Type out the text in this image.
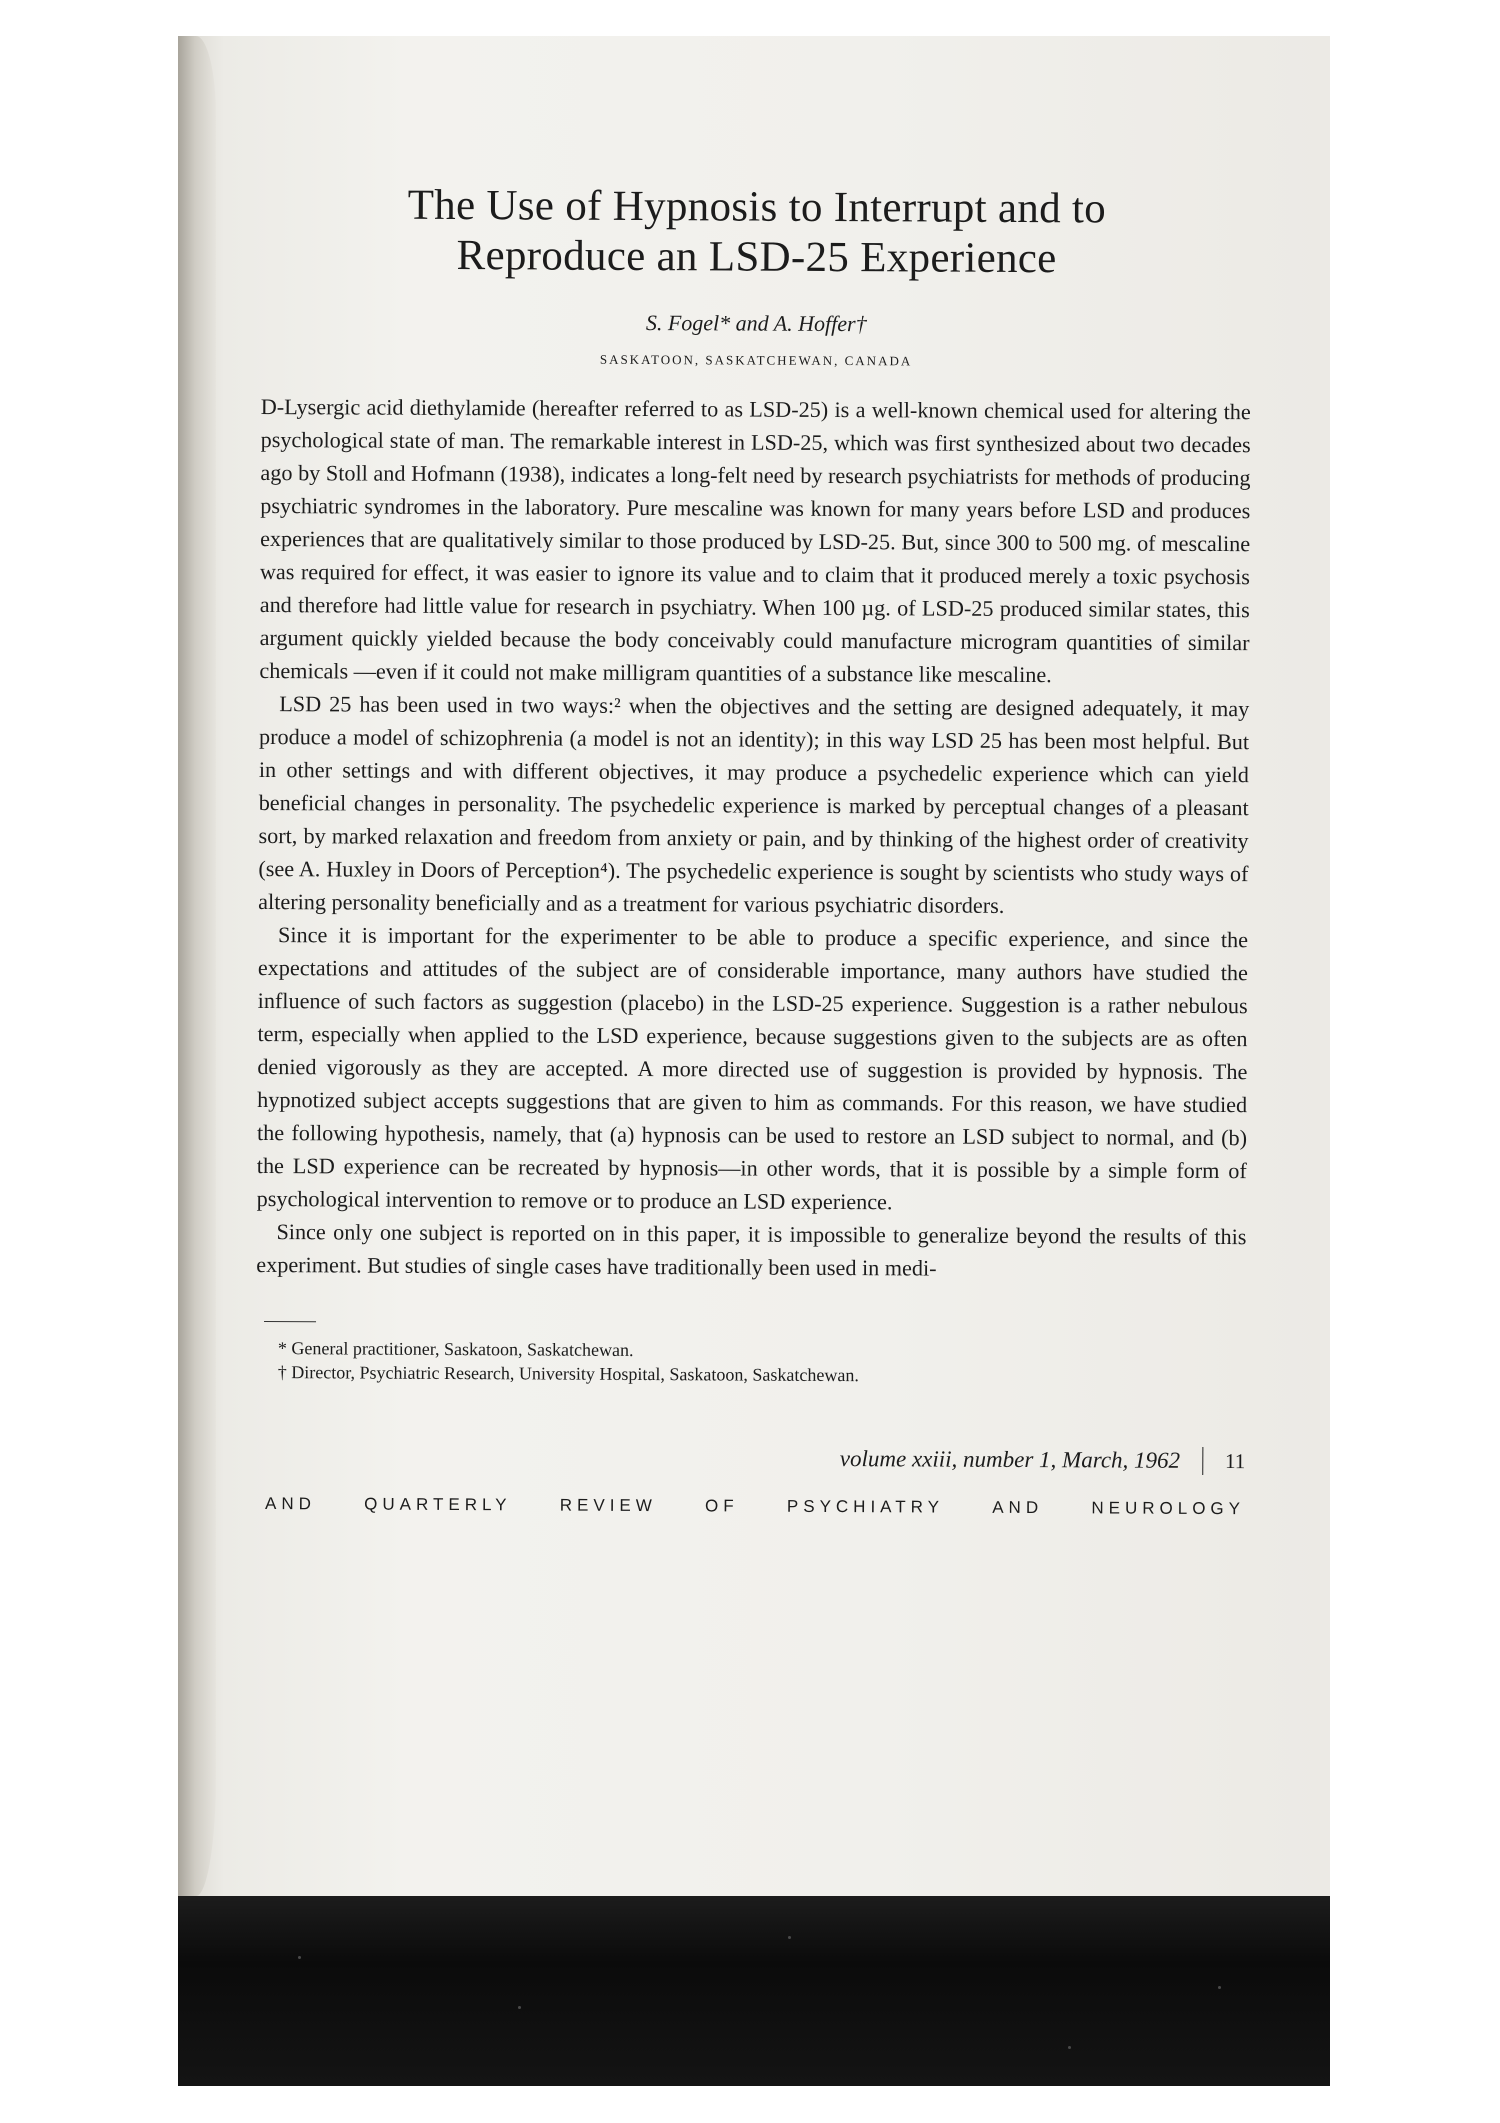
The Use of Hypnosis to Interrupt and to
Reproduce an LSD-25 Experience
S. Fogel* and A. Hoffer†
SASKATOON, SASKATCHEWAN, CANADA

D-Lysergic acid diethylamide (hereafter referred to as LSD-25) is a well-known chemical used for altering the psychological state of man. The remarkable interest in LSD-25, which was first synthesized about two decades ago by Stoll and Hofmann (1938), indicates a long-felt need by research psychiatrists for methods of producing psychiatric syndromes in the laboratory. Pure mescaline was known for many years before LSD and produces experiences that are qualitatively similar to those produced by LSD-25. But, since 300 to 500 mg. of mescaline was required for effect, it was easier to ignore its value and to claim that it produced merely a toxic psychosis and therefore had little value for research in psychiatry. When 100 µg. of LSD-25 produced similar states, this argument quickly yielded because the body conceivably could manufacture microgram quantities of similar chemicals —even if it could not make milligram quantities of a substance like mescaline.

LSD 25 has been used in two ways:² when the objectives and the setting are designed adequately, it may produce a model of schizophrenia (a model is not an identity); in this way LSD 25 has been most helpful. But in other settings and with different objectives, it may produce a psychedelic experience which can yield beneficial changes in personality. The psychedelic experience is marked by perceptual changes of a pleasant sort, by marked relaxation and freedom from anxiety or pain, and by thinking of the highest order of creativity (see A. Huxley in Doors of Perception⁴). The psychedelic experience is sought by scientists who study ways of altering personality beneficially and as a treatment for various psychiatric disorders.

Since it is important for the experimenter to be able to produce a specific experience, and since the expectations and attitudes of the subject are of considerable importance, many authors have studied the influence of such factors as suggestion (placebo) in the LSD-25 experience. Suggestion is a rather nebulous term, especially when applied to the LSD experience, because suggestions given to the subjects are as often denied vigorously as they are accepted. A more directed use of suggestion is provided by hypnosis. The hypnotized subject accepts suggestions that are given to him as commands. For this reason, we have studied the following hypothesis, namely, that (a) hypnosis can be used to restore an LSD subject to normal, and (b) the LSD experience can be recreated by hypnosis—in other words, that it is possible by a simple form of psychological intervention to remove or to produce an LSD experience.

Since only one subject is reported on in this paper, it is impossible to generalize beyond the results of this experiment. But studies of single cases have traditionally been used in medi-

* General practitioner, Saskatoon, Saskatchewan.

† Director, Psychiatric Research, University Hospital, Saskatoon, Saskatchewan.

volume xxiii, number 1, March, 1962 11
AND	QUARTERLY	REVIEW	OF	PSYCHIATRY	AND	NEUROLOGY
